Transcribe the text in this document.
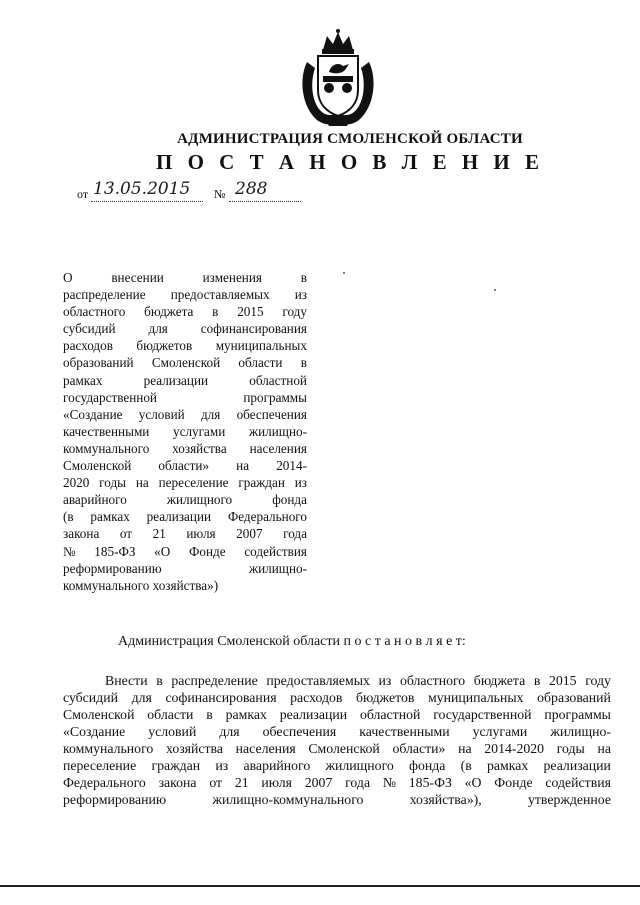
АДМИНИСТРАЦИЯ СМОЛЕНСКОЙ ОБЛАСТИ
П О С Т А Н О В Л Е Н И Е
от 13.05.2015 № 288
О	внесении	изменения	в
распределение предоставляемых из
областного бюджета в 2015 году
субсидий для софинансирования
расходов бюджетов муниципальных
образований Смоленской области в
рамках	реализации	областной
государственной	программы
«Создание условий для обеспечения
качественными услугами жилищно-
коммунального хозяйства населения
Смоленской области» на 2014-
2020 годы на переселение граждан из
аварийного	жилищного	фонда
(в рамках реализации Федерального
закона от 21 июля 2007 года
№ 185-ФЗ «О Фонде содействия
реформированию	жилищно-
коммунального хозяйства»)
Администрация Смоленской области п о с т а н о в л я е т:
Внести в распределение предоставляемых из областного бюджета в 2015 году
субсидий для софинансирования расходов бюджетов муниципальных образований
Смоленской области в рамках реализации областной государственной программы
«Создание условий для обеспечения качественными услугами жилищно-
коммунального хозяйства населения Смоленской области» на 2014-2020 годы на
переселение граждан из аварийного жилищного фонда (в рамках реализации
Федерального закона от 21 июля 2007 года № 185-ФЗ «О Фонде содействия
реформированию	жилищно-коммунального	хозяйства»),	утвержденное
